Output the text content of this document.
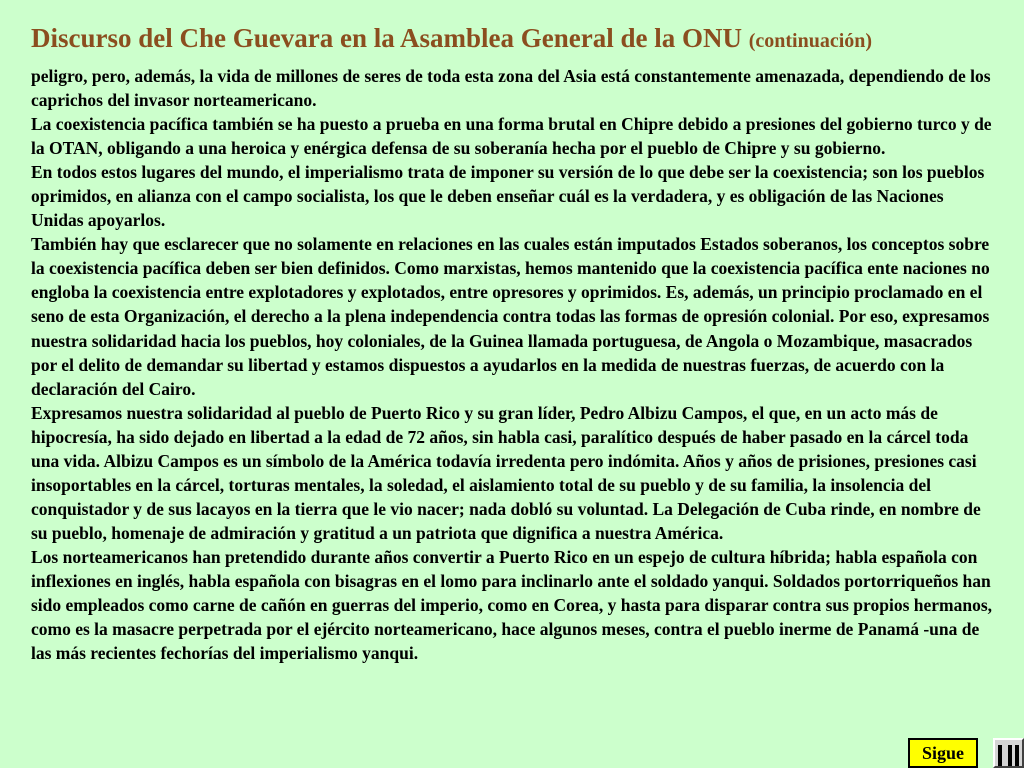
Discurso del Che Guevara en la Asamblea General de la ONU (continuación)

peligro, pero, además, la vida de millones de seres de toda esta zona del Asia está constantemente amenazada, dependiendo de los caprichos del invasor norteamericano.

La coexistencia pacífica también se ha puesto a prueba en una forma brutal en Chipre debido a presiones del gobierno turco y de la OTAN, obligando a una heroica y enérgica defensa de su soberanía hecha por el pueblo de Chipre y su gobierno.

En todos estos lugares del mundo, el imperialismo trata de imponer su versión de lo que debe ser la coexistencia; son los pueblos oprimidos, en alianza con el campo socialista, los que le deben enseñar cuál es la verdadera, y es obligación de las Naciones Unidas apoyarlos.

También hay que esclarecer que no solamente en relaciones en las cuales están imputados Estados soberanos, los conceptos sobre la coexistencia pacífica deben ser bien definidos. Como marxistas, hemos mantenido que la coexistencia pacífica ente naciones no engloba la coexistencia entre explotadores y explotados, entre opresores y oprimidos. Es, además, un principio proclamado en el seno de esta Organización, el derecho a la plena independencia contra todas las formas de opresión colonial. Por eso, expresamos nuestra solidaridad hacia los pueblos, hoy coloniales, de la Guinea llamada portuguesa, de Angola o Mozambique, masacrados por el delito de demandar su libertad y estamos dispuestos a ayudarlos en la medida de nuestras fuerzas, de acuerdo con la declaración del Cairo.

Expresamos nuestra solidaridad al pueblo de Puerto Rico y su gran líder, Pedro Albizu Campos, el que, en un acto más de hipocresía, ha sido dejado en libertad a la edad de 72 años, sin habla casi, paralítico después de haber pasado en la cárcel toda una vida. Albizu Campos es un símbolo de la América todavía irredenta pero indómita. Años y años de prisiones, presiones casi insoportables en la cárcel, torturas mentales, la soledad, el aislamiento total de su pueblo y de su familia, la insolencia del conquistador y de sus lacayos en la tierra que le vio nacer; nada dobló su voluntad. La Delegación de Cuba rinde, en nombre de su pueblo, homenaje de admiración y gratitud a un patriota que dignifica a nuestra América.

Los norteamericanos han pretendido durante años convertir a Puerto Rico en un espejo de cultura híbrida; habla española con inflexiones en inglés, habla española con bisagras en el lomo para inclinarlo ante el soldado yanqui. Soldados portorriqueños han sido empleados como carne de cañón en guerras del imperio, como en Corea, y hasta para disparar contra sus propios hermanos, como es la masacre perpetrada por el ejército norteamericano, hace algunos meses, contra el pueblo inerme de Panamá -una de las más recientes fechorías del imperialismo yanqui.

Sigue
